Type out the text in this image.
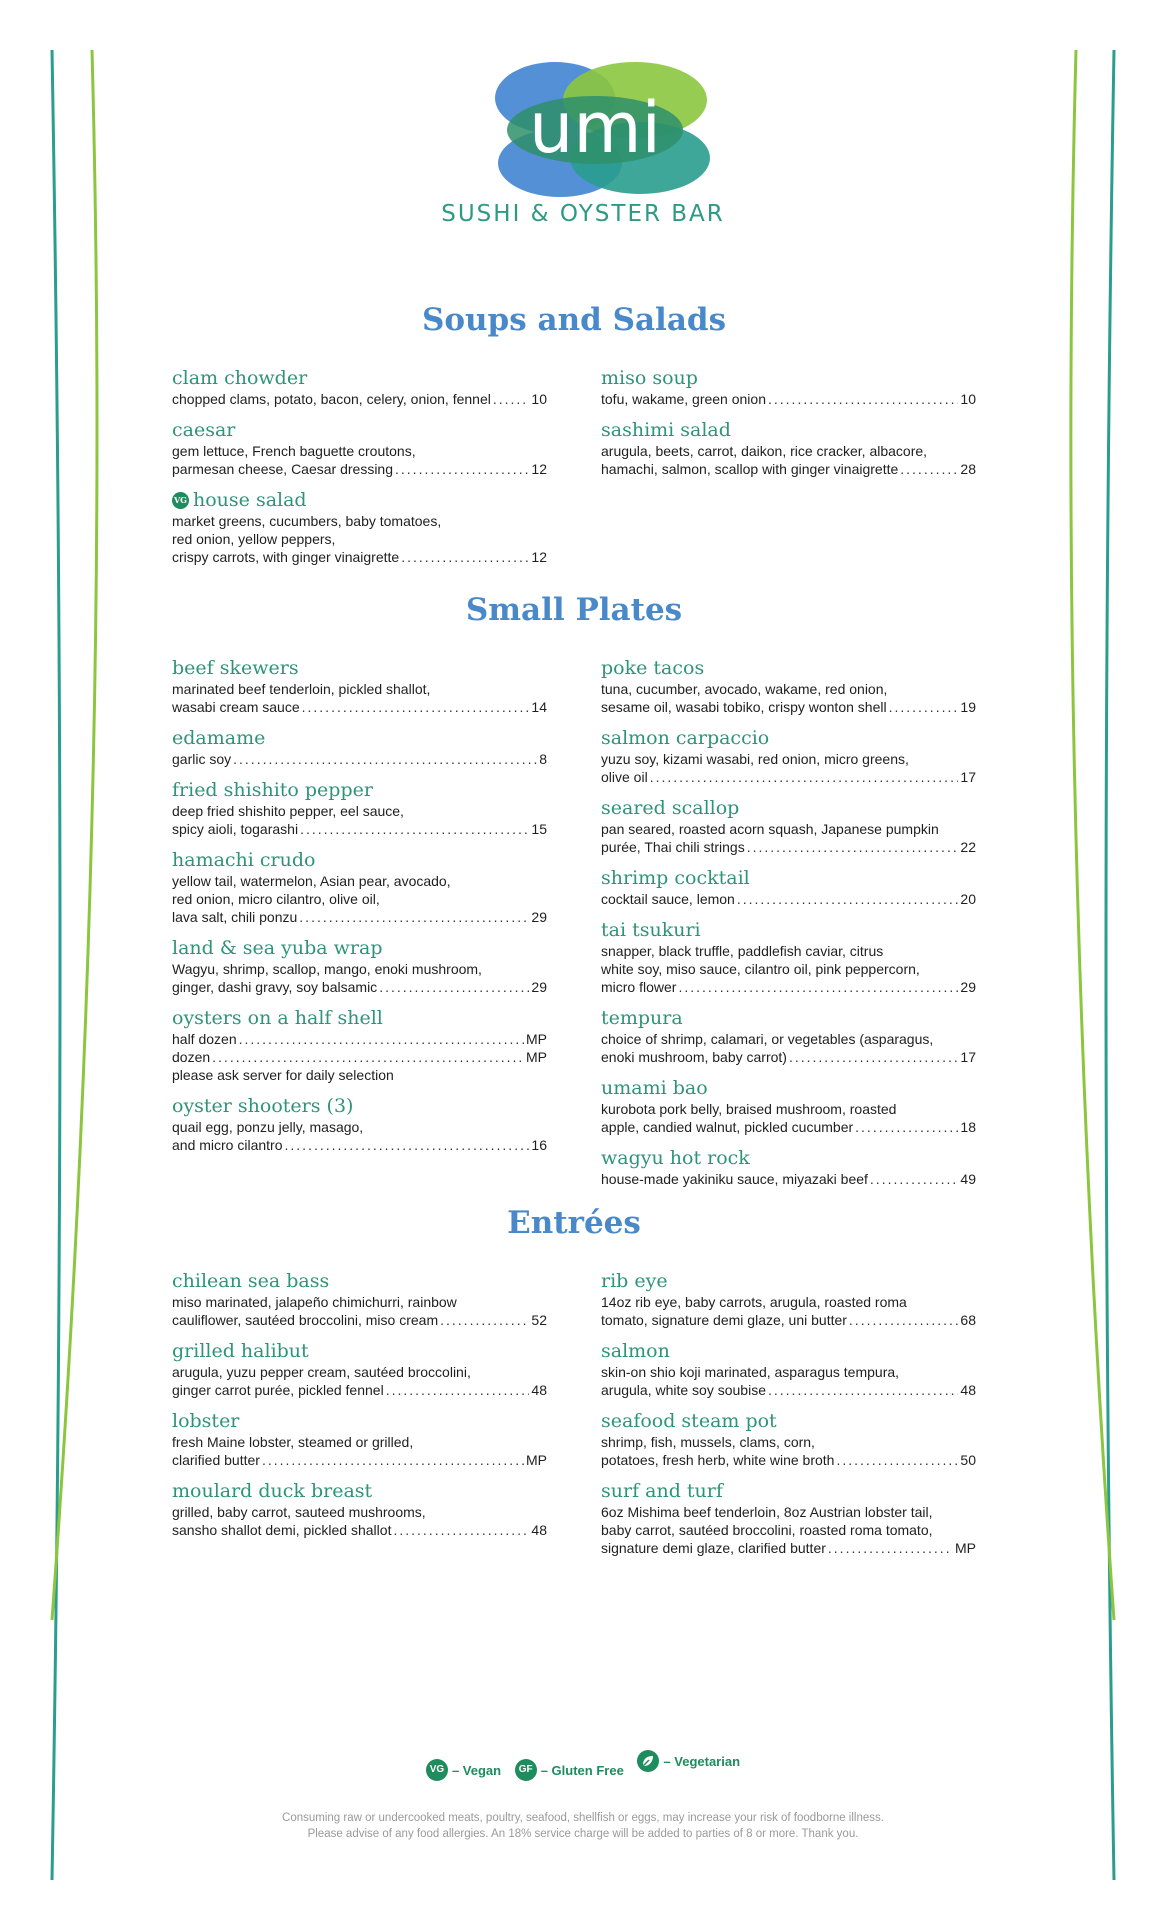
umi
SUSHI & OYSTER BAR
Soups and Salads
clam chowder
chopped clams, potato, bacon, celery, onion, fennel .....	10
caesar
gem lettuce, French baguette croutons,
parmesan cheese, Caesar dressing .....	12
VG house salad
market greens, cucumbers, baby tomatoes,
red onion, yellow peppers,
crispy carrots, with ginger vinaigrette .....	12
miso soup
tofu, wakame, green onion .....	10
sashimi salad
arugula, beets, carrot, daikon, rice cracker, albacore,
hamachi, salmon, scallop with ginger vinaigrette .....	28
Small Plates
beef skewers
marinated beef tenderloin, pickled shallot,
wasabi cream sauce .....	14
edamame
garlic soy .....	8
fried shishito pepper
deep fried shishito pepper, eel sauce,
spicy aioli, togarashi .....	15
hamachi crudo
yellow tail, watermelon, Asian pear, avocado,
red onion, micro cilantro, olive oil,
lava salt, chili ponzu .....	29
land & sea yuba wrap
Wagyu, shrimp, scallop, mango, enoki mushroom,
ginger, dashi gravy, soy balsamic .....	29
oysters on a half shell
half dozen .....	MP
dozen .....	MP
please ask server for daily selection
oyster shooters (3)
quail egg, ponzu jelly, masago,
and micro cilantro .....	16
poke tacos
tuna, cucumber, avocado, wakame, red onion,
sesame oil, wasabi tobiko, crispy wonton shell .....	19
salmon carpaccio
yuzu soy, kizami wasabi, red onion, micro greens,
olive oil .....	17
seared scallop
pan seared, roasted acorn squash, Japanese pumpkin
purée, Thai chili strings .....	22
shrimp cocktail
cocktail sauce, lemon .....	20
tai tsukuri
snapper, black truffle, paddlefish caviar, citrus
white soy, miso sauce, cilantro oil, pink peppercorn,
micro flower .....	29
tempura
choice of shrimp, calamari, or vegetables (asparagus,
enoki mushroom, baby carrot) .....	17
umami bao
kurobota pork belly, braised mushroom, roasted
apple, candied walnut, pickled cucumber .....	18
wagyu hot rock
house-made yakiniku sauce, miyazaki beef .....	49
Entrées
chilean sea bass
miso marinated, jalapeño chimichurri, rainbow
cauliflower, sautéed broccolini, miso cream .....	52
grilled halibut
arugula, yuzu pepper cream, sautéed broccolini,
ginger carrot purée, pickled fennel .....	48
lobster
fresh Maine lobster, steamed or grilled,
clarified butter .....	MP
moulard duck breast
grilled, baby carrot, sauteed mushrooms,
sansho shallot demi, pickled shallot .....	48
rib eye
14oz rib eye, baby carrots, arugula, roasted roma
tomato, signature demi glaze, uni butter .....	68
salmon
skin-on shio koji marinated, asparagus tempura,
arugula, white soy soubise .....	48
seafood steam pot
shrimp, fish, mussels, clams, corn,
potatoes, fresh herb, white wine broth .....	50
surf and turf
6oz Mishima beef tenderloin, 8oz Austrian lobster tail,
baby carrot, sautéed broccolini, roasted roma tomato,
signature demi glaze, clarified butter .....	MP
VG – Vegan
	GF – Gluten Free

– Vegetarian
Consuming raw or undercooked meats, poultry, seafood, shellfish or eggs, may increase your risk of foodborne illness.
Please advise of any food allergies. An 18% service charge will be added to parties of 8 or more. Thank you.
